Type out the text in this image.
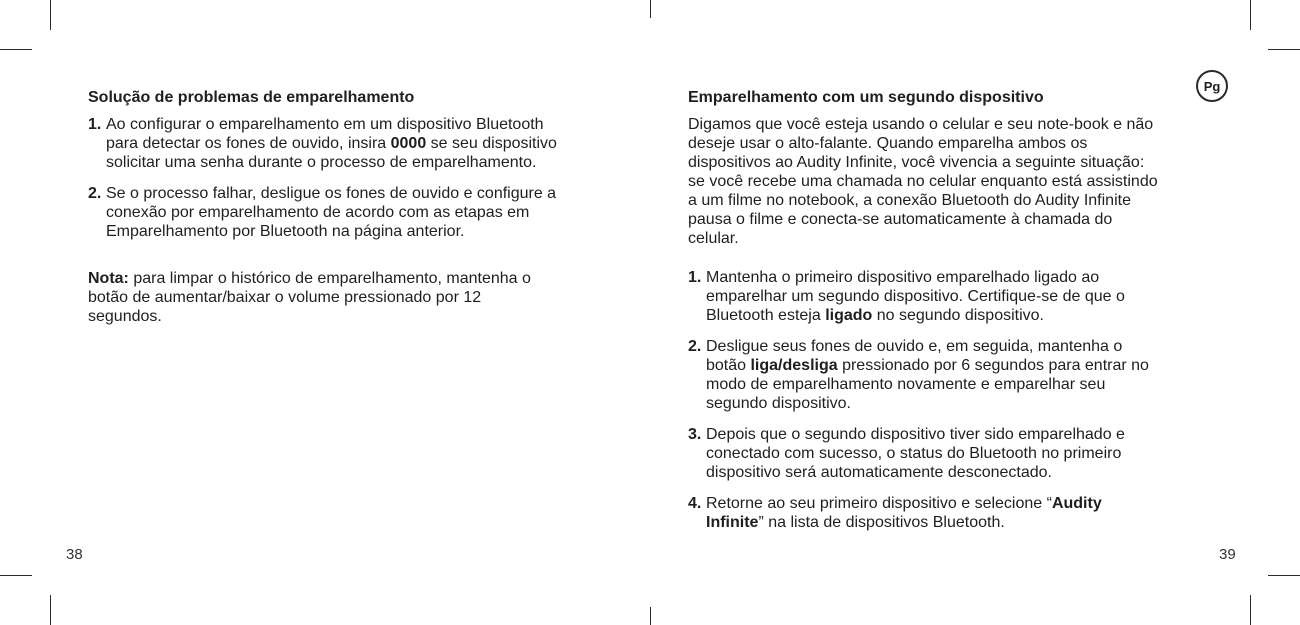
Solução de problemas de emparelhamento
1. Ao configurar o emparelhamento em um dispositivo Bluetooth para detectar os fones de ouvido, insira 0000 se seu dispositivo solicitar uma senha durante o processo de emparelhamento.
2. Se o processo falhar, desligue os fones de ouvido e configure a conexão por emparelhamento de acordo com as etapas em Emparelhamento por Bluetooth na página anterior.
Nota: para limpar o histórico de emparelhamento, mantenha o botão de aumentar/baixar o volume pressionado por 12 segundos.
38
Pg
Emparelhamento com um segundo dispositivo

Digamos que você esteja usando o celular e seu note-book e não deseje usar o alto-falante. Quando emparelha ambos os dispositivos ao Audity Infinite, você vivencia a seguinte situação: se você recebe uma chamada no celular enquanto está assistindo a um filme no notebook, a conexão Bluetooth do Audity Infinite pausa o filme e conecta-se automaticamente à chamada do celular.

1. Mantenha o primeiro dispositivo emparelhado ligado ao emparelhar um segundo dispositivo. Certifique-se de que o Bluetooth esteja ligado no segundo dispositivo.
2. Desligue seus fones de ouvido e, em seguida, mantenha o botão liga/desliga pressionado por 6 segundos para entrar no modo de emparelhamento novamente e emparelhar seu segundo dispositivo.
3. Depois que o segundo dispositivo tiver sido emparelhado e conectado com sucesso, o status do Bluetooth no primeiro dispositivo será automaticamente desconectado.
4. Retorne ao seu primeiro dispositivo e selecione “Audity Infinite” na lista de dispositivos Bluetooth.
39
